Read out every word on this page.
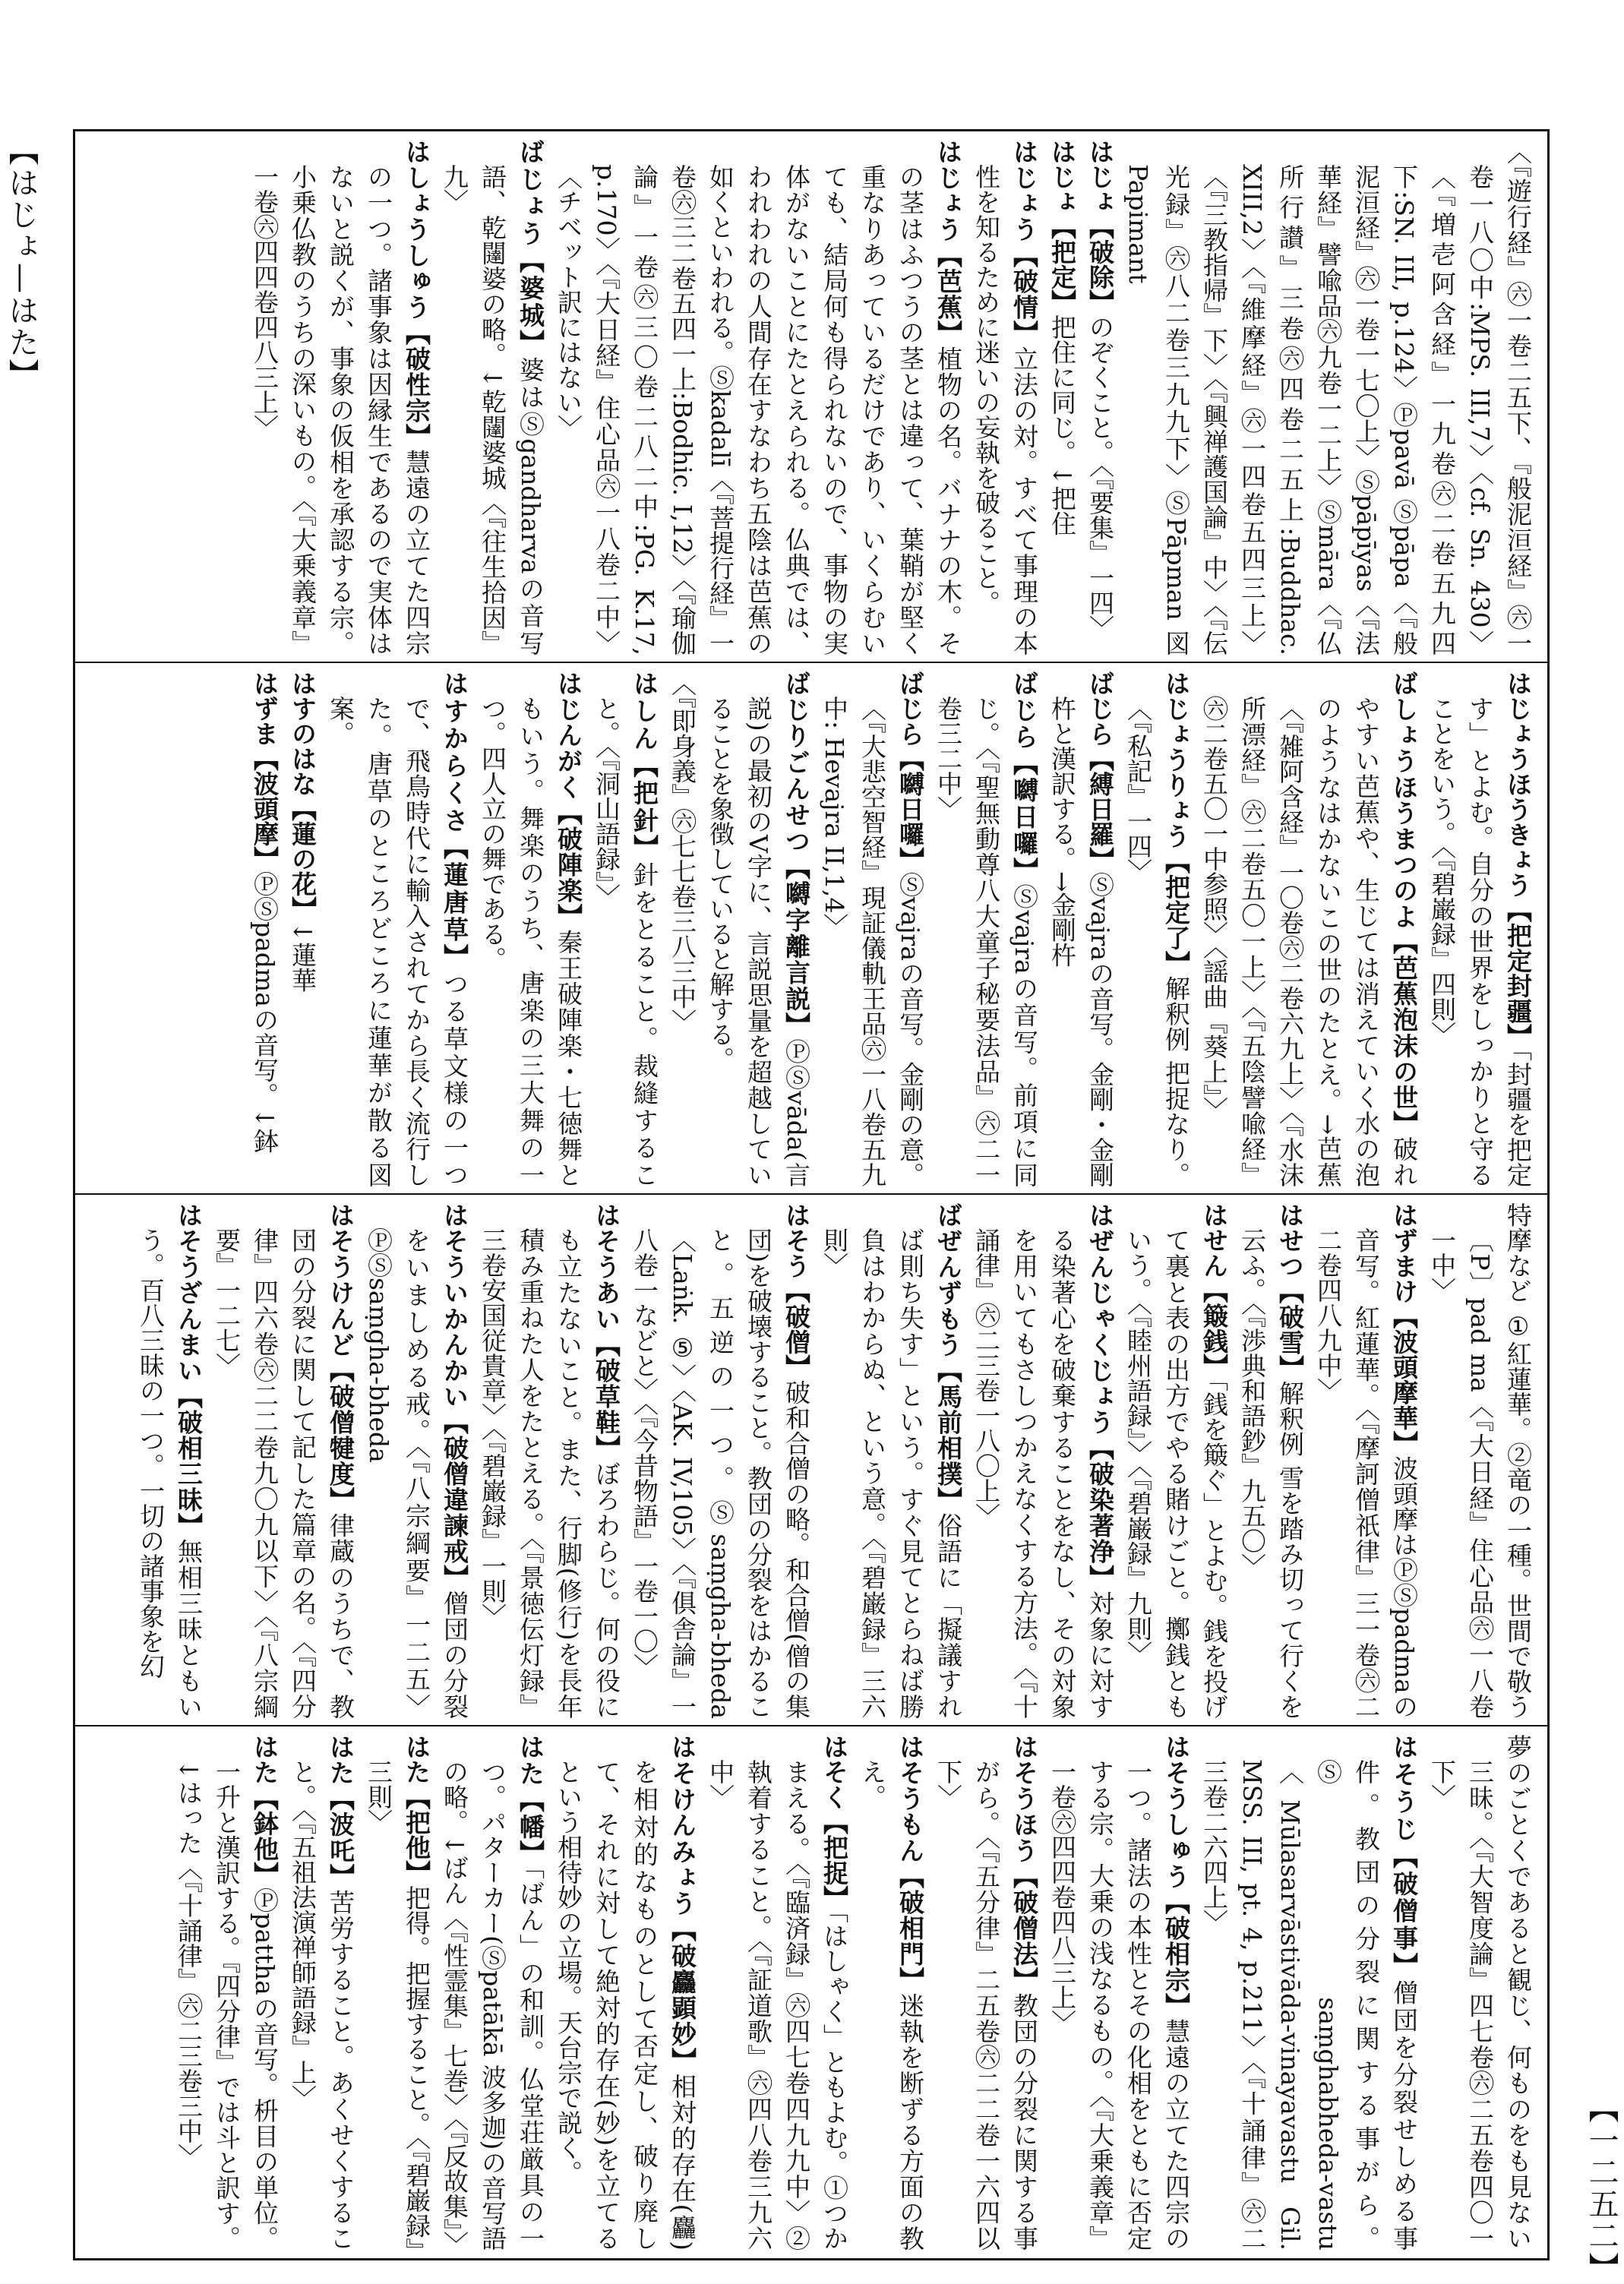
【はじょ—はた】
【一二五二】

〈『遊行経』㊅一卷二五下、『般泥洹経』㊅一卷一八〇中:MPS. III,7〉〈cf. Sn. 430〉〈『増壱阿含経』一九卷㊅二卷五九四下:SN. III, p.124〉Ⓟpavā Ⓢpāpa〈『般泥洹経』㊅一卷一七〇上〉Ⓢpāpīyas〈『法華経』譬喩品㊅九卷一二上〉Ⓢmāra〈『仏所行讃』三卷㊅四卷二五上:Buddhac. XIII,2〉〈『維摩経』㊅一四卷五四三上〉〈『三教指帰』下〉〈『興禅護国論』中〉〈『伝光録』㊅八二卷三九九下〉ⓈPāpman 図Papimant

はじょ【破除】のぞくこと。〈『要集』一四〉

はじょ【把定】把住に同じ。↓把住

はじょう【破情】立法の対。すべて事理の本性を知るために迷いの妄執を破ること。

はじょう【芭蕉】植物の名。バナナの木。その茎はふつうの茎とは違って、葉鞘が堅く重なりあっているだけであり、いくらむいても、結局何も得られないので、事物の実体がないことにたとえられる。仏典では、われわれの人間存在すなわち五陰は芭蕉の如くといわれる。Ⓢkadalī〈『菩提行経』一卷㊅三二卷五四一上:Bodhic. I,12〉〈『瑜伽論』一卷㊅三〇卷二八二中:PG. K.17, p.170〉〈『大日経』住心品㊅一八卷二中〉〈チベット訳にはない〉

ばじょう【婆城】婆はⓈgandharvaの音写語、乾闥婆の略。↓乾闥婆城〈『往生拾因』九〉

はしょうしゅう【破性宗】慧遠の立てた四宗の一つ。諸事象は因縁生であるので実体はないと説くが、事象の仮相を承認する宗。小乗仏教のうちの深いもの。〈『大乗義章』一卷㊅四四卷四八三上〉

はじょうほうきょう【把定封疆】「封疆を把定す」とよむ。自分の世界をしっかりと守ることをいう。〈『碧巌録』四則〉

ばしょうほうまつのよ【芭蕉泡沫の世】破れやすい芭蕉や、生じては消えていく水の泡のようなはかないこの世のたとえ。→芭蕉〈『雑阿含経』一〇卷㊅二卷六九上〉〈『水沫所漂経』㊅二卷五〇一上〉〈『五陰譬喩経』㊅二卷五〇一中参照〉〈謡曲『葵上』〉

はじょうりょう【把定了】解釈例 把捉なり。〈『私記』一四〉

ばじら【縛日羅】Ⓢvajraの音写。金剛・金剛杵と漢訳する。→金剛杵

ばじら【嚩日囉】Ⓢvajraの音写。前項に同じ。〈『聖無動尊八大童子秘要法品』㊅二一卷三二中〉

ばじら【嚩日囉】Ⓢvajraの音写。金剛の意。〈『大悲空智経』現証儀軌王品㊅一八卷五九中: Hevajra II,1,4〉

ばじりごんせつ【嚩字離言説】ⓅⓈvāda(言説)の最初のV字に、言説思量を超越していることを象徴していると解する。

〈『即身義』㊅七七卷三八三中〉

はしん【把針】針をとること。裁縫すること。〈『洞山語録』〉

はじんがく【破陣楽】秦王破陣楽・七徳舞ともいう。舞楽のうち、唐楽の三大舞の一つ。四人立の舞である。

はすからくさ【蓮唐草】つる草文様の一つで、飛鳥時代に輸入されてから長く流行した。唐草のところどころに蓮華が散る図案。

はすのはな【蓮の花】↓蓮華

はずま【波頭摩】ⓅⓈpadmaの音写。↓鉢

特摩など ①紅蓮華。②竜の一種。世間で敬う〔P〕pad ma〈『大日経』住心品㊅一八卷一中〉

はずまけ【波頭摩華】波頭摩はⓅⓈpadmaの音写。紅蓮華。〈『摩訶僧祇律』三一卷㊅二二卷四八九中〉

はせつ【破雪】解釈例 雪を踏み切って行くを云ふ。〈『渉典和語鈔』九五〇〉

はせん【簸銭】「銭を簸ぐ」とよむ。銭を投げて裏と表の出方でやる賭けごと。擲銭ともいう。〈『睦州語録』〉〈『碧巌録』九則〉

はぜんじゃくじょう【破染著浄】対象に対する染著心を破棄することをなし、その対象を用いてもさしつかえなくする方法。〈『十誦律』㊅二三卷一八〇上〉

ばぜんずもう【馬前相撲】俗語に「擬議すれば則ち失す」という。すぐ見てとらねば勝負はわからぬ、という意。〈『碧巌録』三六則〉

はそう【破僧】破和合僧の略。和合僧(僧の集団)を破壊すること。教団の分裂をはかること。五逆の一つ。Ⓢsaṃgha-bheda〈Laṅk. ⑤〉〈AK. IV,105〉〈『俱舎論』一八卷一などと〉〈『今昔物語』一卷一〇〉

はそうあい【破草鞋】ぼろわらじ。何の役にも立たないこと。また、行脚(修行)を長年積み重ねた人をたとえる。〈『景徳伝灯録』三卷安国従貴章〉〈『碧巌録』一則〉

はそういかんかい【破僧違諫戒】僧団の分裂をいましめる戒。〈『八宗綱要』一二五〉ⓅⓈsaṃgha-bheda

はそうけんど【破僧犍度】律蔵のうちで、教団の分裂に関して記した篇章の名。〈『四分律』四六卷㊅二二卷九〇九以下〉〈『八宗綱要』一二七〉

はそうざんまい【破相三昧】無相三昧ともいう。百八三昧の一つ。一切の諸事象を幻

夢のごとくであると観じ、何ものをも見ない三昧。〈『大智度論』四七卷㊅二五卷四〇一下〉

はそうじ【破僧事】僧団を分裂せしめる事件。教団の分裂に関する事がら。Ⓢsaṃghabheda-vastu〈Mūlasarvāstivāda-vinayavastu Gil. MSS. III, pt. 4, p.211〉〈『十誦律』㊅二三卷二六四上〉

はそうしゅう【破相宗】慧遠の立てた四宗の一つ。諸法の本性とその化相をともに否定する宗。大乗の浅なるもの。〈『大乗義章』一卷㊅四四卷四八三上〉

はそうほう【破僧法】教団の分裂に関する事がら。〈『五分律』二五卷㊅二二卷一六四以下〉

はそうもん【破相門】迷執を断ずる方面の教え。

はそく【把捉】「はしゃく」ともよむ。①つかまえる。〈『臨済録』㊅四七卷四九九中〉②執着すること。〈『証道歌』㊅四八卷三九六中〉

はそけんみょう【破麤顕妙】相対的存在(麤)を相対的なものとして否定し、破り廃して、それに対して絶対的存在(妙)を立てるという相待妙の立場。天台宗で説く。

はた【幡】「ばん」の和訓。仏堂荘厳具の一つ。パターカー(Ⓢpatākā 波多迦)の音写語の略。↓ばん〈『性霊集』七巻〉〈『反故集』〉

はた【把他】把得。把握すること。〈『碧巌録』三則〉

はた【波吒】苦労すること。あくせくすること。〈『五祖法演禅師語録』上〉

はた【鉢他】Ⓟpatthaの音写。枡目の単位。一升と漢訳する。『四分律』では斗と訳す。↓はった〈『十誦律』㊅二三卷三中〉
